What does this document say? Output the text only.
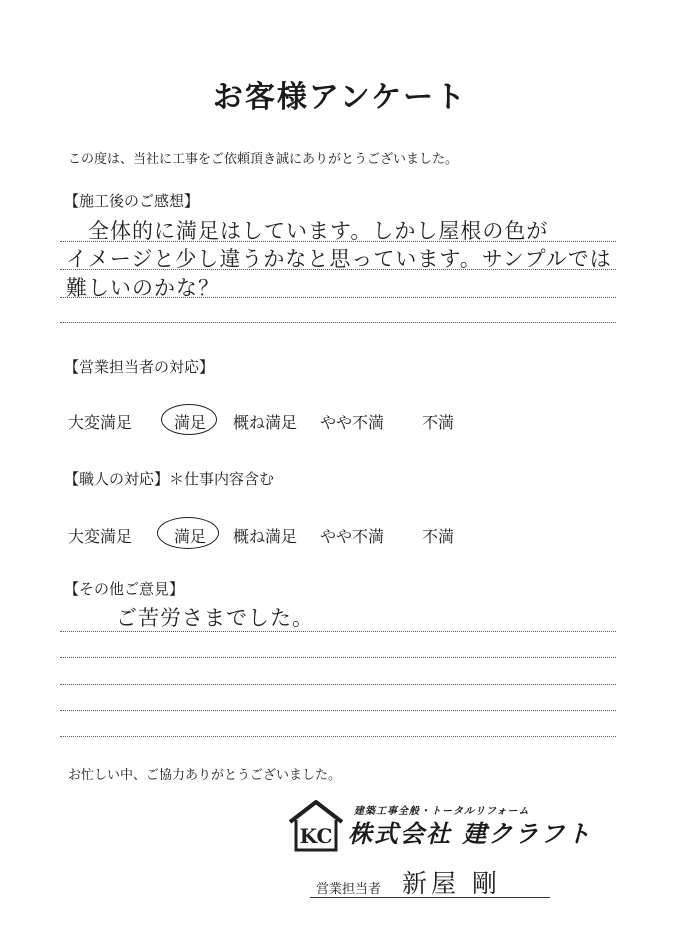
お客様アンケート
この度は、当社に工事をご依頼頂き誠にありがとうございました。
【施工後のご感想】
全体的に満足はしています。しかし屋根の色が
イメージと少し違うかなと思っています。サンプルでは
難しいのかな？
【営業担当者の対応】
大変満足	満足 概ね満足 やや不満 不満
【職人の対応】＊仕事内容含む
大変満足	満足 概ね満足 やや不満 不満
【その他ご意見】
ご苦労さまでした。
お忙しい中、ご協力ありがとうございました。
KC
建築工事全般・トータルリフォーム
株式会社 建クラフト
営業担当者 新屋 剛
